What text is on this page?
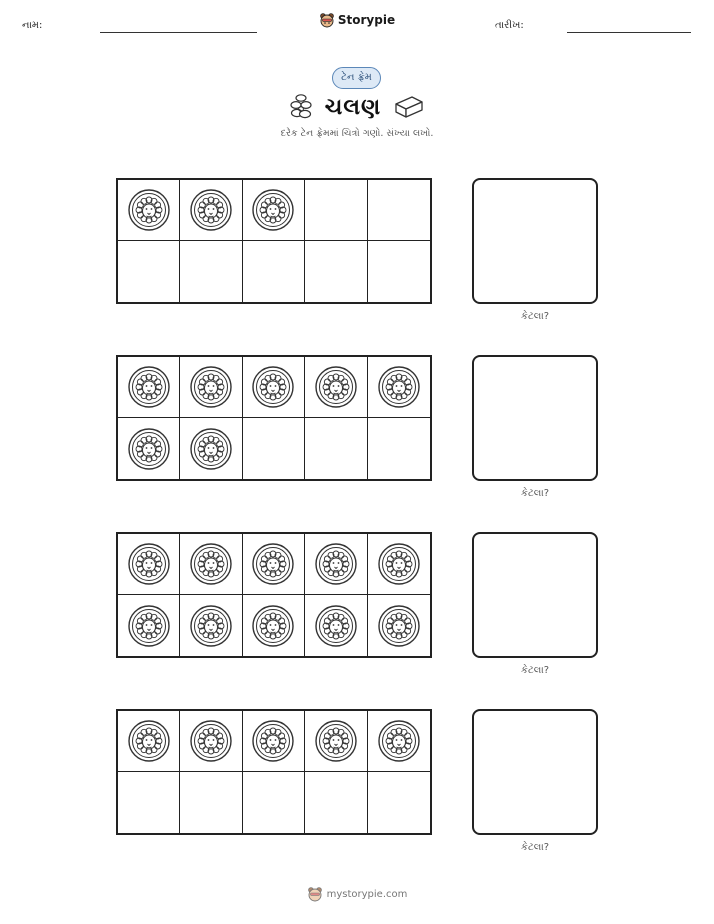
નામ:	Storypie	તારીખ:
ટેન ફ્રેમ
ચલણ
દરેક ટેન ફ્રેમમાં ચિત્રો ગણો. સંખ્યા લખો.
કેટલા?
કેટલા?
કેટલા?
કેટલા?
mystorypie.com
